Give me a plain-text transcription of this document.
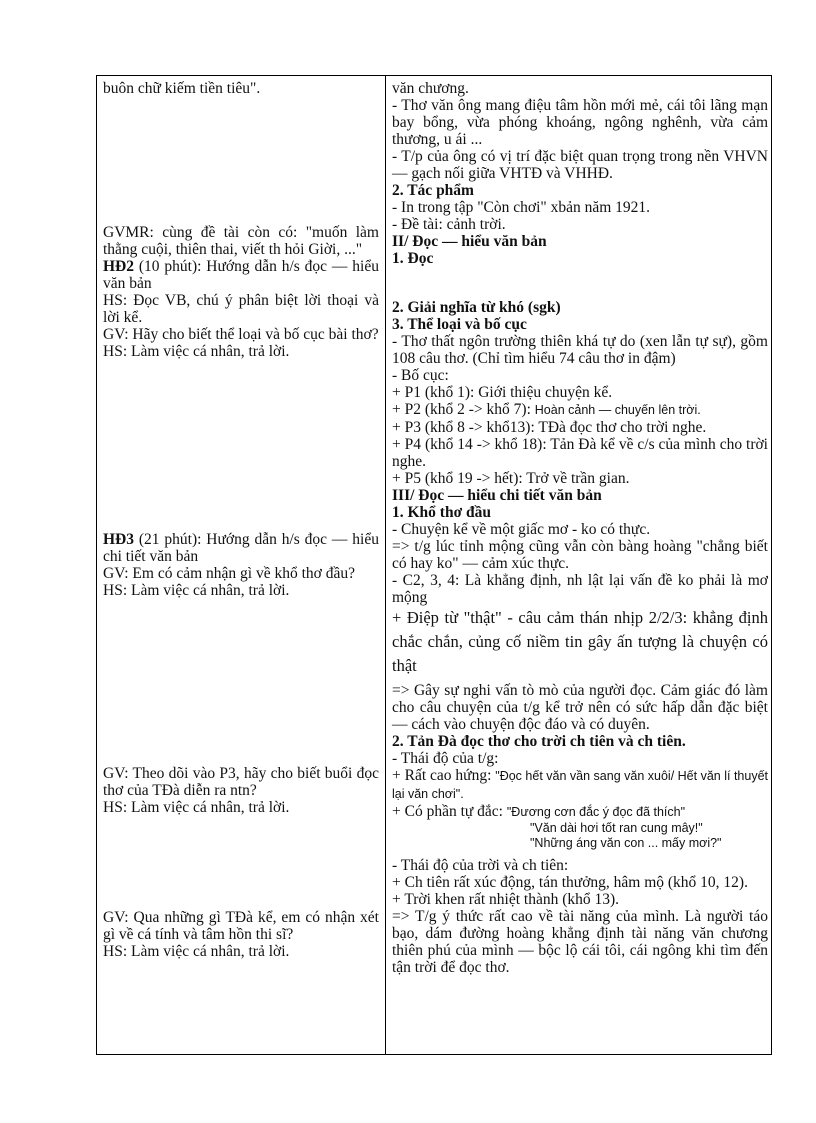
buôn chữ kiếm tiền tiêu".

GVMR: cùng đề tài còn có: "muốn làm thằng cuội, thiên thai, viết th hỏi Giời, ..."

HĐ2 (10 phút): Hướng dẫn h/s đọc — hiểu văn bản

HS: Đọc VB, chú ý phân biệt lời thoại và lời kể.

GV: Hãy cho biết thể loại và bố cục bài thơ?

HS: Làm việc cá nhân, trả lời.

HĐ3 (21 phút): Hướng dẫn h/s đọc — hiểu chi tiết văn bản

GV: Em có cảm nhận gì về khổ thơ đầu?

HS: Làm việc cá nhân, trả lời.

GV: Theo dõi vào P3, hãy cho biết buổi đọc thơ của TĐà diễn ra ntn?

HS: Làm việc cá nhân, trả lời.

GV: Qua những gì TĐà kể, em có nhận xét gì về cá tính và tâm hồn thi sĩ?

HS: Làm việc cá nhân, trả lời.

văn chương.

- Thơ văn ông mang điệu tâm hồn mới mẻ, cái tôi lãng mạn bay bổng, vừa phóng khoáng, ngông nghênh, vừa cảm thương, u ái ...

- T/p của ông có vị trí đặc biệt quan trọng trong nền VHVN — gạch nối giữa VHTĐ và VHHĐ.

2. Tác phẩm

- In trong tập "Còn chơi" xbản năm 1921.

- Đề tài: cảnh trời.

II/ Đọc — hiểu văn bản

1. Đọc

2. Giải nghĩa từ khó (sgk)

3. Thể loại và bố cục

- Thơ thất ngôn trường thiên khá tự do (xen lẫn tự sự), gồm 108 câu thơ. (Chỉ tìm hiểu 74 câu thơ in đậm)

- Bố cục:

+ P1 (khổ 1): Giới thiệu chuyện kể.

+ P2 (khổ 2 -> khổ 7): Hoàn cảnh — chuyến lên trời.

+ P3 (khổ 8 -> khổ13): TĐà đọc thơ cho trời nghe.

+ P4 (khổ 14 -> khổ 18): Tản Đà kể về c/s của mình cho trời nghe.

+ P5 (khổ 19 -> hết): Trở về trần gian.

III/ Đọc — hiểu chi tiết văn bản

1. Khổ thơ đầu

- Chuyện kể về một giấc mơ - ko có thực.

=> t/g lúc tỉnh mộng cũng vẫn còn bàng hoàng "chẳng biết có hay ko" — cảm xúc thực.

- C2, 3, 4: Là khẳng định, nh lật lại vấn đề ko phải là mơ mộng

+ Điệp từ "thật" - câu cảm thán nhịp 2/2/3: khẳng định chắc chắn, củng cố niềm tin gây ấn tượng là chuyện có thật

=> Gây sự nghi vấn tò mò của người đọc. Cảm giác đó làm cho câu chuyện của t/g kể trở nên có sức hấp dẫn đặc biệt — cách vào chuyện độc đáo và có duyên.

2. Tản Đà đọc thơ cho trời ch tiên và ch tiên.

- Thái độ của t/g:

+ Rất cao hứng: "Đọc hết văn vần sang văn xuôi/ Hết văn lí thuyết lại văn chơi".

+ Có phần tự đắc: "Đương cơn đắc ý đọc đã thích"

"Văn dài hơi tốt ran cung mây!"

"Những áng văn con ... mấy mơi?"

- Thái độ của trời và ch tiên:

+ Ch tiên rất xúc động, tán thưởng, hâm mộ (khổ 10, 12).

+ Trời khen rất nhiệt thành (khổ 13).

=> T/g ý thức rất cao về tài năng của mình. Là người táo bạo, dám đường hoàng khẳng định tài năng văn chương thiên phú của mình — bộc lộ cái tôi, cái ngông khi tìm đến tận trời để đọc thơ.
